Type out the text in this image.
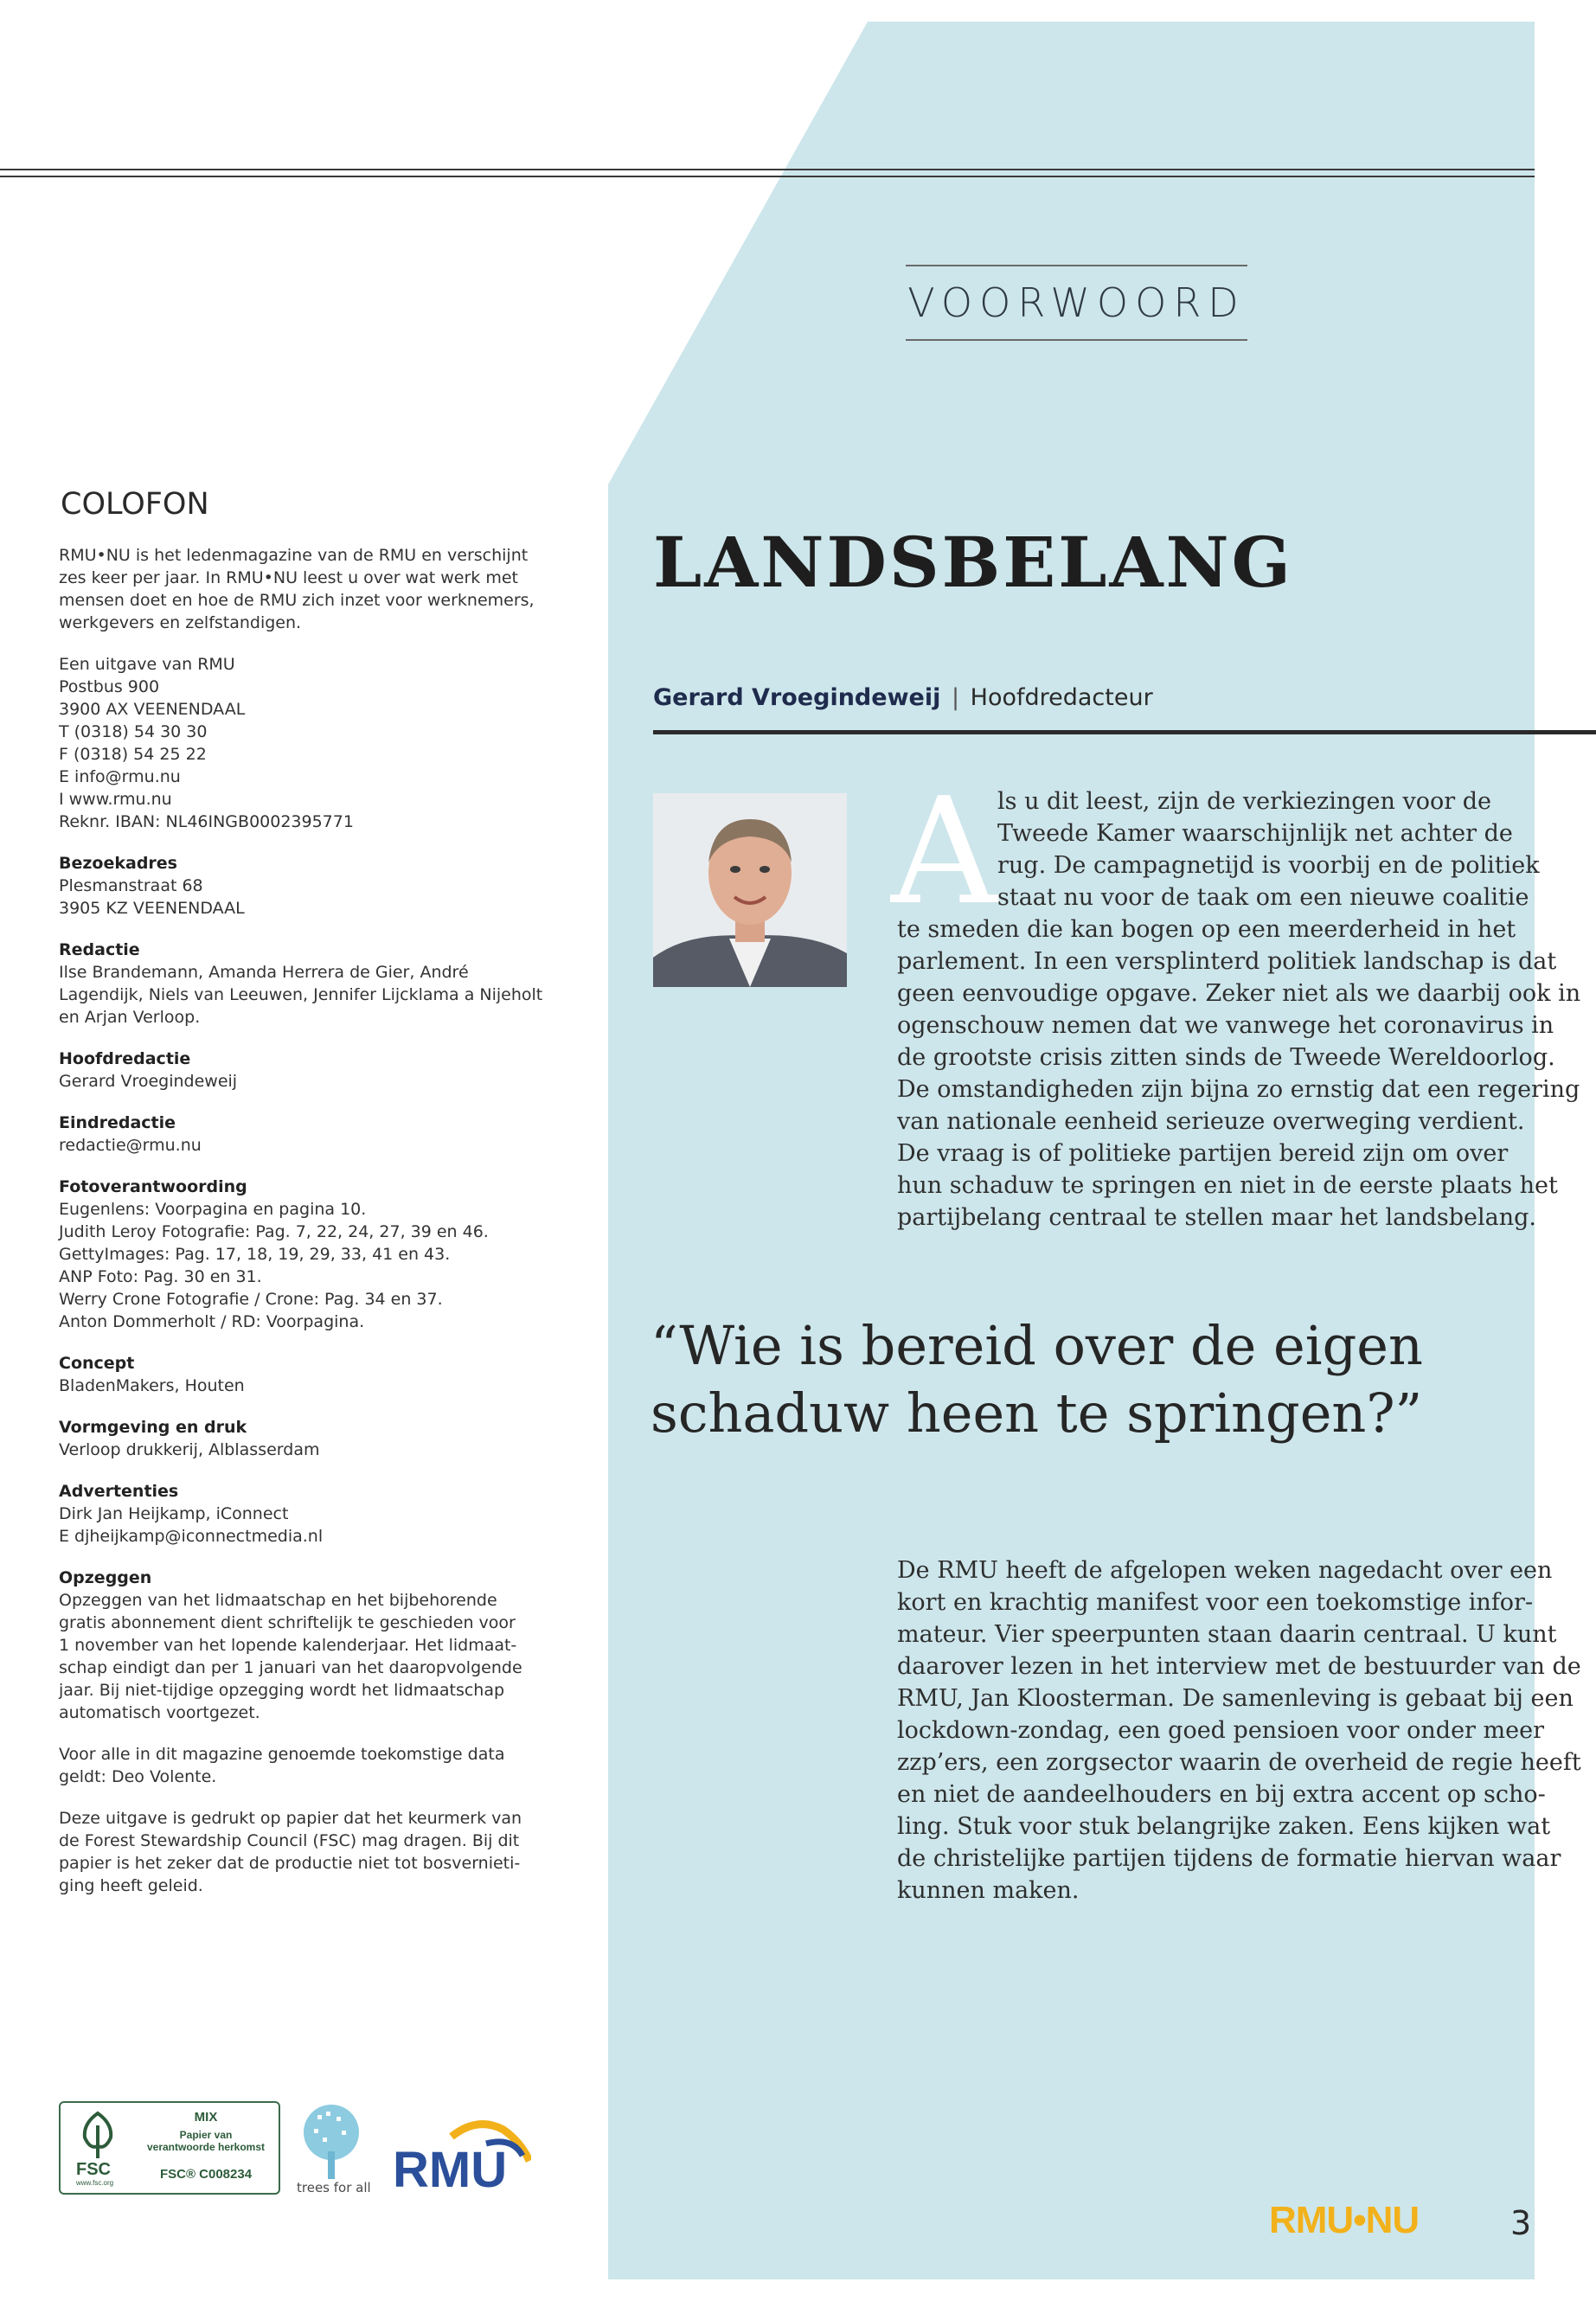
VOORWOORD
COLOFON

RMU•NU is het ledenmagazine van de RMU en verschijnt
zes keer per jaar. In RMU•NU leest u over wat werk met
mensen doet en hoe de RMU zich inzet voor werknemers,
werkgevers en zelfstandigen.

Een uitgave van RMU
Postbus 900
3900 AX VEENENDAAL
T (0318) 54 30 30
F (0318) 54 25 22
E info@rmu.nu
I www.rmu.nu
Reknr. IBAN: NL46INGB0002395771

Bezoekadres
Plesmanstraat 68
3905 KZ VEENENDAAL

Redactie
Ilse Brandemann, Amanda Herrera de Gier, André
Lagendijk, Niels van Leeuwen, Jennifer Lijcklama a Nijeholt
en Arjan Verloop.

Hoofdredactie
Gerard Vroegindeweij

Eindredactie
redactie@rmu.nu

Fotoverantwoording
Eugenlens: Voorpagina en pagina 10.
Judith Leroy Fotografie: Pag. 7, 22, 24, 27, 39 en 46.
GettyImages: Pag. 17, 18, 19, 29, 33, 41 en 43.
ANP Foto: Pag. 30 en 31.
Werry Crone Fotografie / Crone: Pag. 34 en 37.
Anton Dommerholt / RD: Voorpagina.

Concept
BladenMakers, Houten

Vormgeving en druk
Verloop drukkerij, Alblasserdam

Advertenties
Dirk Jan Heijkamp, iConnect
E djheijkamp@iconnectmedia.nl

Opzeggen
Opzeggen van het lidmaatschap en het bijbehorende
gratis abonnement dient schriftelijk te geschieden voor
1 november van het lopende kalenderjaar. Het lidmaat-
schap eindigt dan per 1 januari van het daaropvolgende
jaar. Bij niet-tijdige opzegging wordt het lidmaatschap
automatisch voortgezet.

Voor alle in dit magazine genoemde toekomstige data
geldt: Deo Volente.

Deze uitgave is gedrukt op papier dat het keurmerk van
de Forest Stewardship Council (FSC) mag dragen. Bij dit
papier is het zeker dat de productie niet tot bosvernieti-
ging heeft geleid.

LANDSBELANG
Gerard Vroegindeweij | Hoofdredacteur
A ls u dit leest, zijn de verkiezingen voor de
Tweede Kamer waarschijnlijk net achter de
rug. De campagnetijd is voorbij en de politiek
staat nu voor de taak om een nieuwe coalitie
te smeden die kan bogen op een meerderheid in het
parlement. In een versplinterd politiek landschap is dat
geen eenvoudige opgave. Zeker niet als we daarbij ook in
ogenschouw nemen dat we vanwege het coronavirus in
de grootste crisis zitten sinds de Tweede Wereldoorlog.
De omstandigheden zijn bijna zo ernstig dat een regering
van nationale eenheid serieuze overweging verdient.
De vraag is of politieke partijen bereid zijn om over
hun schaduw te springen en niet in de eerste plaats het
partijbelang centraal te stellen maar het landsbelang.
“Wie is bereid over de eigen
schaduw heen te springen?”
De RMU heeft de afgelopen weken nagedacht over een
kort en krachtig manifest voor een toekomstige infor-
mateur. Vier speerpunten staan daarin centraal. U kunt
daarover lezen in het interview met de bestuurder van de
RMU, Jan Kloosterman. De samenleving is gebaat bij een
lockdown-zondag, een goed pensioen voor onder meer
zzp’ers, een zorgsector waarin de overheid de regie heeft
en niet de aandeelhouders en bij extra accent op scho-
ling. Stuk voor stuk belangrijke zaken. Eens kijken wat
de christelijke partijen tijdens de formatie hiervan waar
kunnen maken.
FSC
www.fsc.org
MIX
Papier van
verantwoorde herkomst
FSC® C008234
trees for all RMU
RMU•NU	3
